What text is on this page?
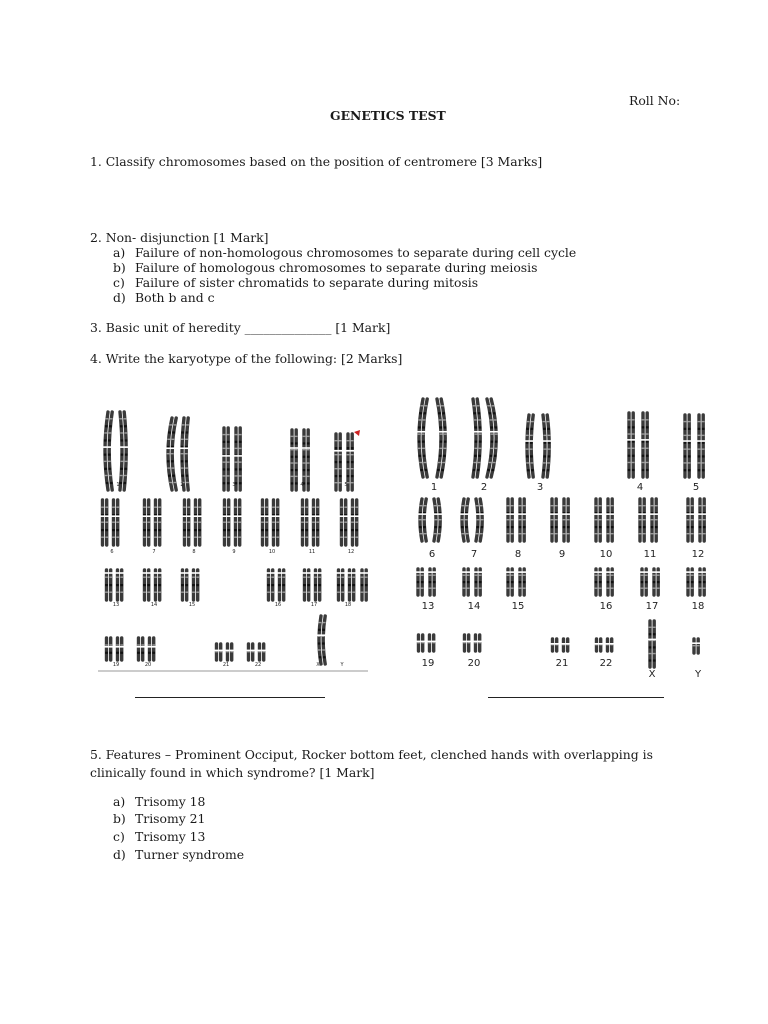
Roll No:
GENETICS TEST
1. Classify chromosomes based on the position of centromere [3 Marks]
2. Non- disjunction [1 Mark]
a) Failure of non-homologous chromosomes to separate during cell cycle
b) Failure of homologous chromosomes to separate during meiosis
c) Failure of sister chromatids to separate during mitosis
d) Both b and c
3. Basic unit of heredity ______________ [1 Mark]
4. Write the karyotype of the following: [2 Marks]
1	2	3	4	5
6	7	8	9	10	11	12
13	14	15	16	17	18
19	20	21	22	X	Y
1	2	3	4	5
6	7	8	9	10	11	12
13	14	15	16	17	18
19	20	21	22
X	Y
5. Features – Prominent Occiput, Rocker bottom feet, clenched hands with overlapping is
clinically found in which syndrome? [1 Mark]
a) Trisomy 18
b) Trisomy 21
c) Trisomy 13
d) Turner syndrome
